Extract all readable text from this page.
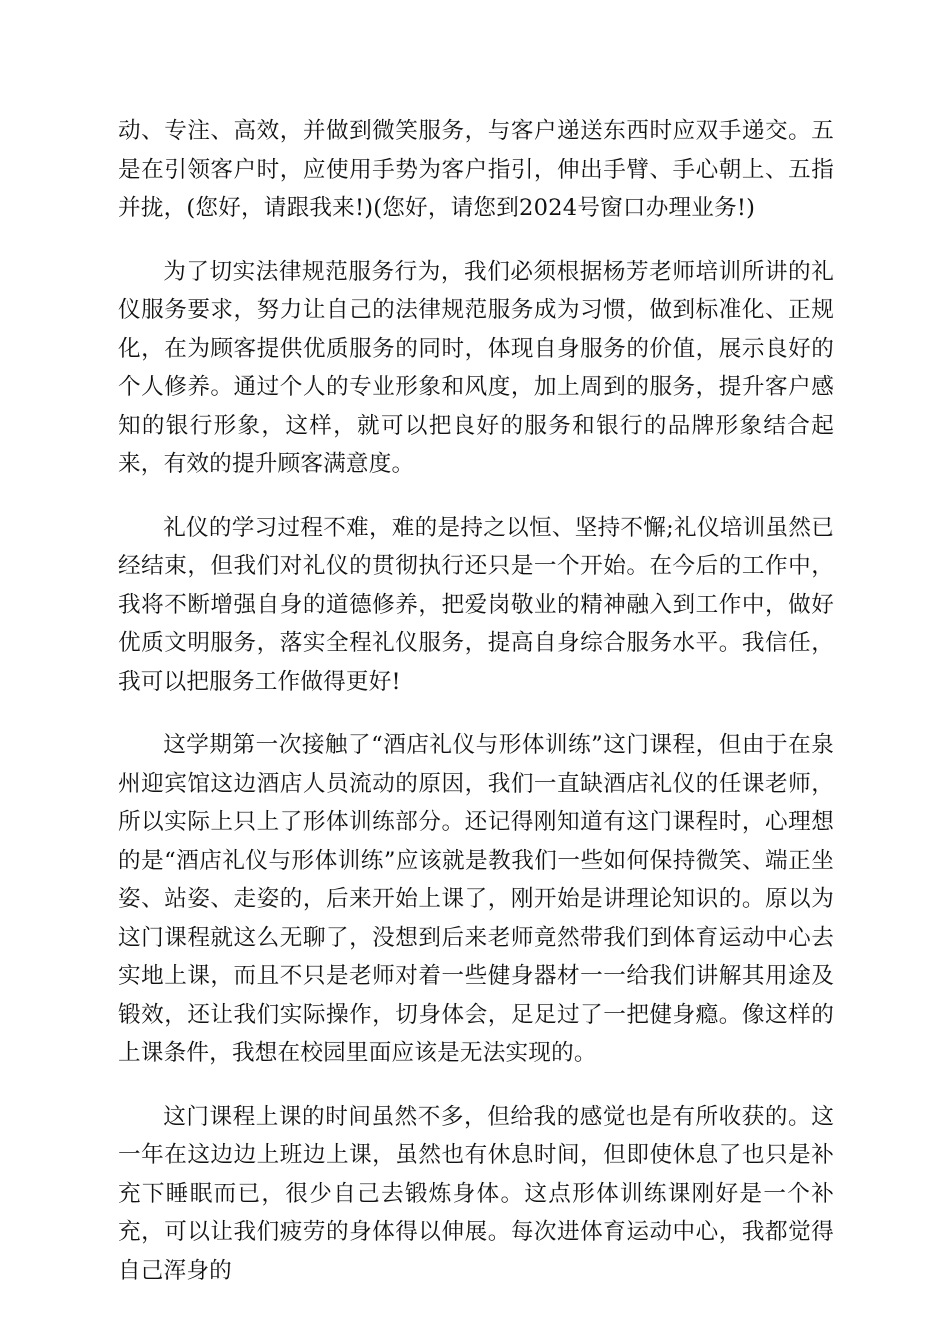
动、专注、高效，并做到微笑服务，与客户递送东西时应双手递交。五是在引领客户时，应使用手势为客户指引，伸出手臂、手心朝上、五指并拢，(您好，请跟我来!)(您好，请您到2024号窗口办理业务!)

为了切实法律规范服务行为，我们必须根据杨芳老师培训所讲的礼仪服务要求，努力让自己的法律规范服务成为习惯，做到标准化、正规化，在为顾客提供优质服务的同时，体现自身服务的价值，展示良好的个人修养。通过个人的专业形象和风度，加上周到的服务，提升客户感知的银行形象，这样，就可以把良好的服务和银行的品牌形象结合起来，有效的提升顾客满意度。

礼仪的学习过程不难，难的是持之以恒、坚持不懈;礼仪培训虽然已经结束，但我们对礼仪的贯彻执行还只是一个开始。在今后的工作中，我将不断增强自身的道德修养，把爱岗敬业的精神融入到工作中，做好优质文明服务，落实全程礼仪服务，提高自身综合服务水平。我信任，我可以把服务工作做得更好!

这学期第一次接触了“酒店礼仪与形体训练”这门课程，但由于在泉州迎宾馆这边酒店人员流动的原因，我们一直缺酒店礼仪的任课老师，所以实际上只上了形体训练部分。还记得刚知道有这门课程时，心理想的是“酒店礼仪与形体训练”应该就是教我们一些如何保持微笑、端正坐姿、站姿、走姿的，后来开始上课了，刚开始是讲理论知识的。原以为这门课程就这么无聊了，没想到后来老师竟然带我们到体育运动中心去实地上课，而且不只是老师对着一些健身器材一一给我们讲解其用途及锻效，还让我们实际操作，切身体会，足足过了一把健身瘾。像这样的上课条件，我想在校园里面应该是无法实现的。

这门课程上课的时间虽然不多，但给我的感觉也是有所收获的。这一年在这边边上班边上课，虽然也有休息时间，但即使休息了也只是补充下睡眠而已，很少自己去锻炼身体。这点形体训练课刚好是一个补充，可以让我们疲劳的身体得以伸展。每次进体育运动中心，我都觉得自己浑身的
